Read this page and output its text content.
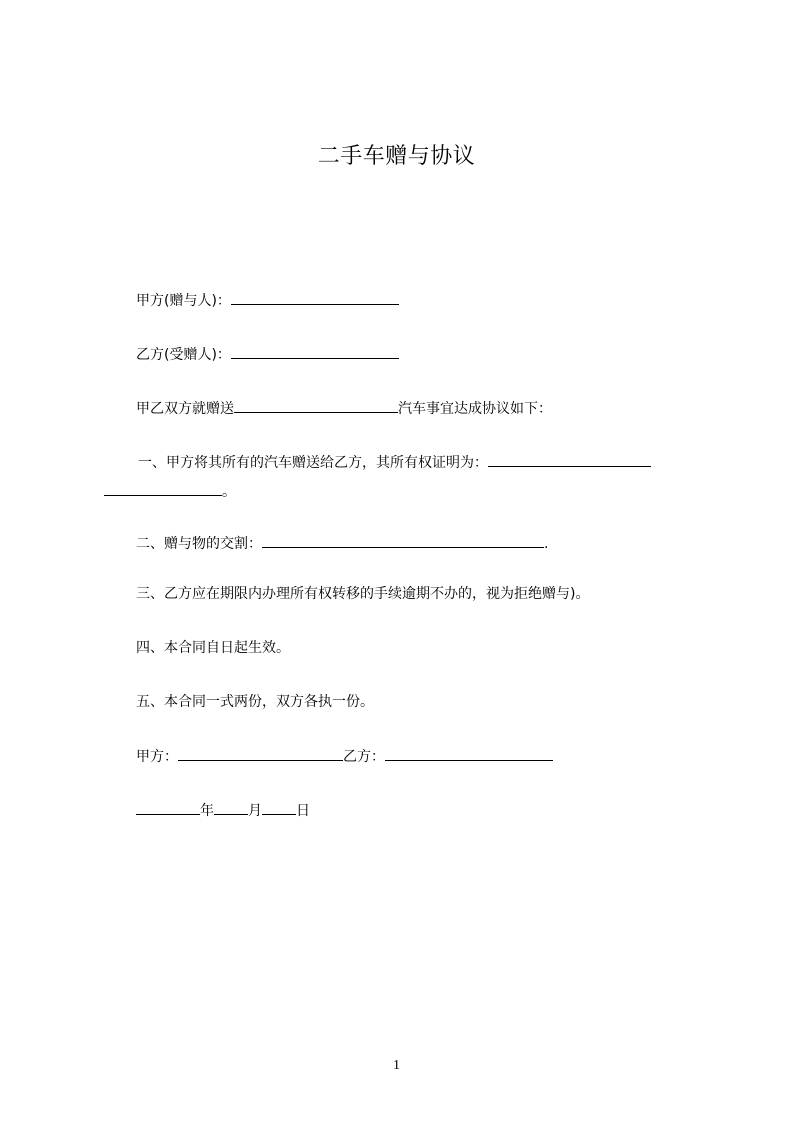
二手车赠与协议
甲方(赠与人)：
乙方(受赠人)：
甲乙双方就赠送	汽车事宜达成协议如下：
一、甲方将其所有的汽车赠送给乙方，其所有权证明为：
。
二、赠与物的交割：	.
三、乙方应在期限内办理所有权转移的手续逾期不办的，视为拒绝赠与)。
四、本合同自日起生效。
五、本合同一式两份，双方各执一份。
甲方：	乙方：
年 月 日
1
